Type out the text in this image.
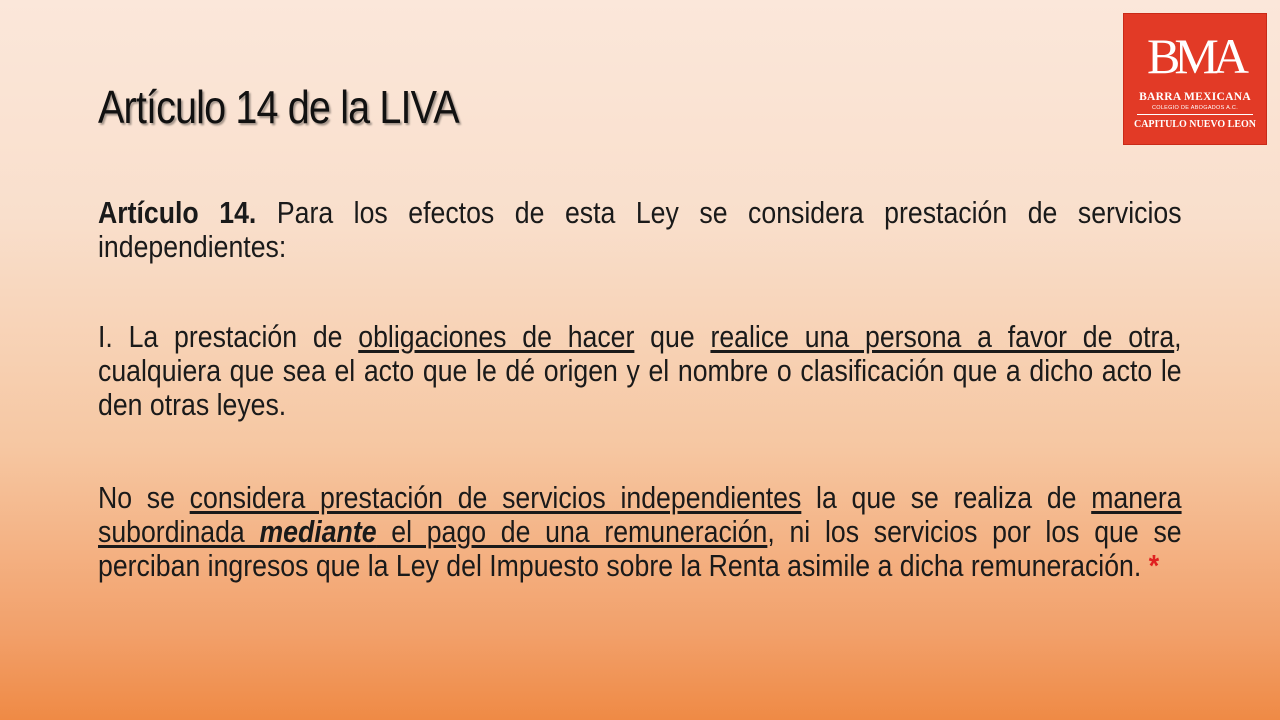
Artículo 14 de la LIVA
BMA
BARRA MEXICANA
COLEGIO DE ABOGADOS A.C.
CAPITULO NUEVO LEON
Artículo 14. Para los efectos de esta Ley se considera prestación de servicios independientes:
I. La prestación de obligaciones de hacer que realice una persona a favor de otra, cualquiera que sea el acto que le dé origen y el nombre o clasificación que a dicho acto le den otras leyes.
No se considera prestación de servicios independientes la que se realiza de manera subordinada mediante el pago de una remuneración, ni los servicios por los que se perciban ingresos que la Ley del Impuesto sobre la Renta asimile a dicha remuneración. *
